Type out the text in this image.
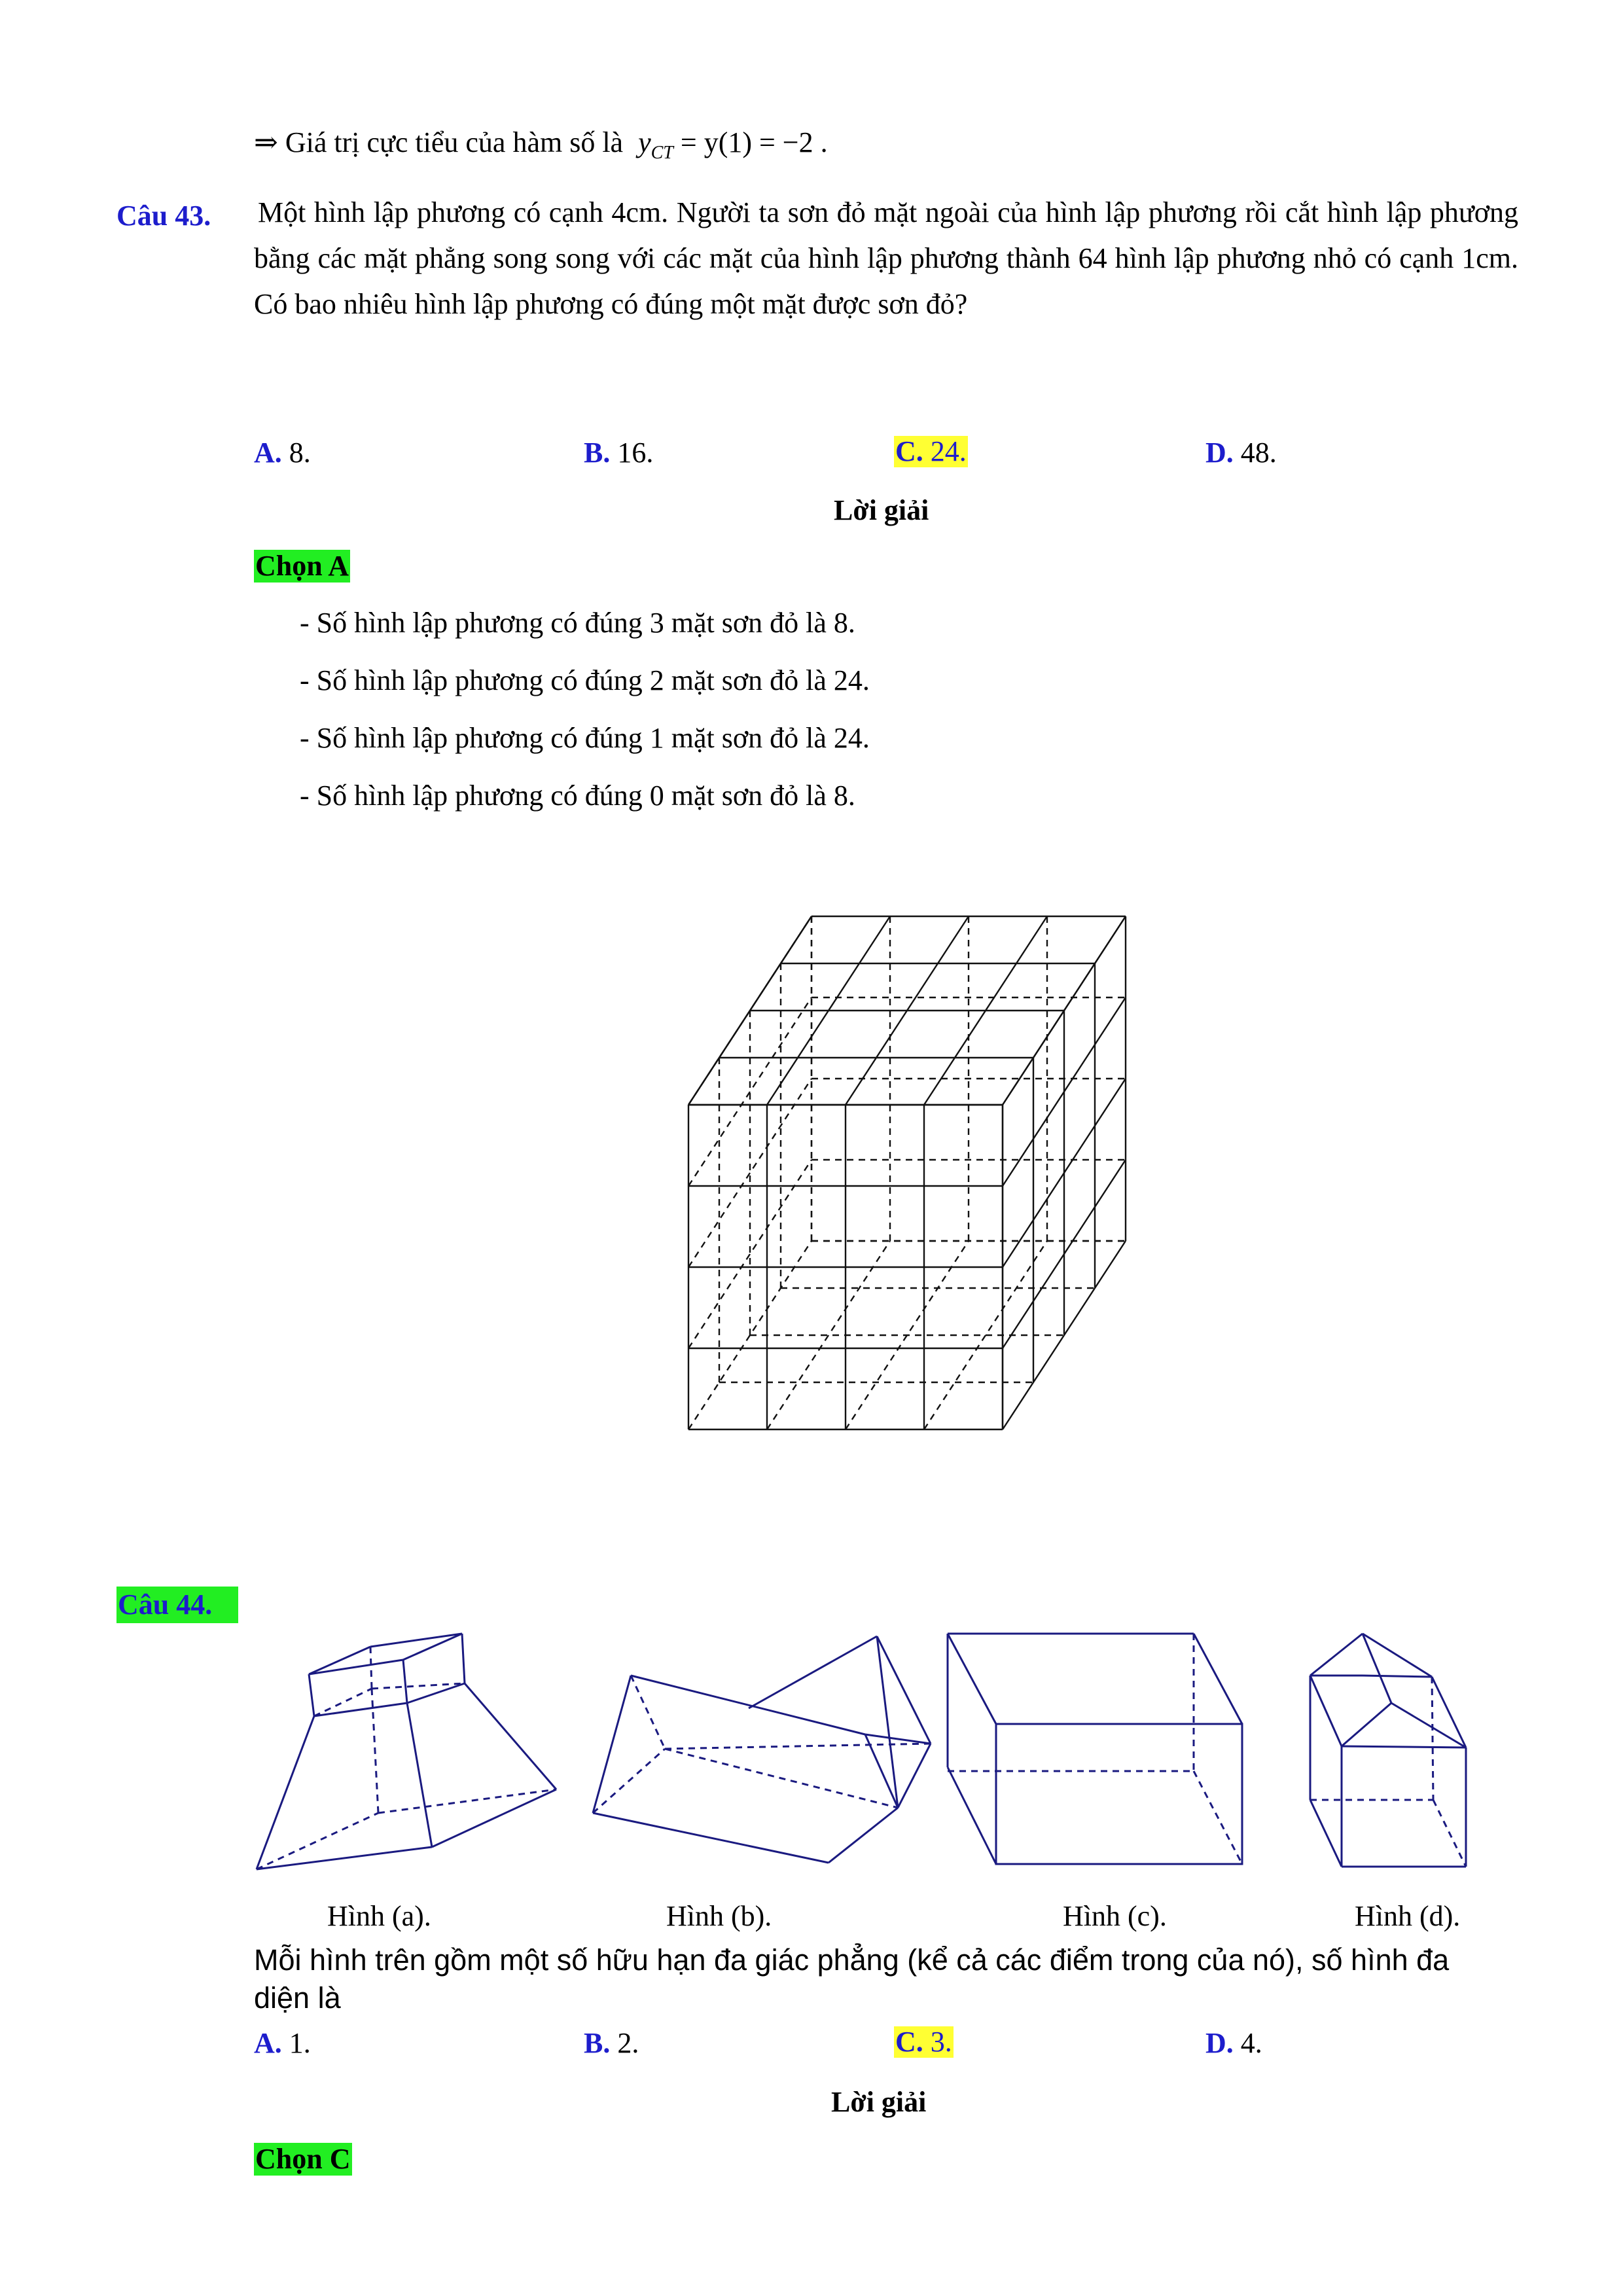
⇒ Giá trị cực tiểu của hàm số là $y_{CT} = y(1) = -2$ .
Câu 43. Một hình lập phương có cạnh 4cm. Người ta sơn đỏ mặt ngoài của hình lập phương rồi cắt hình lập phương bằng các mặt phẳng song song với các mặt của hình lập phương thành 64 hình lập phương nhỏ có cạnh 1cm. Có bao nhiêu hình lập phương có đúng một mặt được sơn đỏ?
A. 8.	B. 16.	C. 24.	D. 48.
Lời giải
Chọn A
- Số hình lập phương có đúng 3 mặt sơn đỏ là 8.
- Số hình lập phương có đúng 2 mặt sơn đỏ là 24.
- Số hình lập phương có đúng 1 mặt sơn đỏ là 24.
- Số hình lập phương có đúng 0 mặt sơn đỏ là 8.
Câu 44.
Hình (a).	Hình (b).	Hình (c).	Hình (d).
Mỗi hình trên gồm một số hữu hạn đa giác phẳng (kể cả các điểm trong của nó), số hình đa diện là
A. 1.	B. 2.	C. 3.	D. 4.
Lời giải
Chọn C
